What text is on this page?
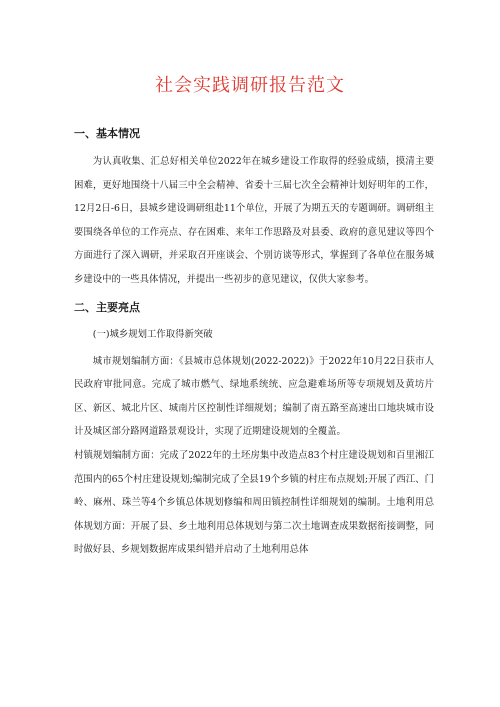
社会实践调研报告范文
一、基本情况

为认真收集、汇总好相关单位2022年在城乡建设工作取得的经验成绩，摸清主要困难，更好地围绕十八届三中全会精神、省委十三届七次全会精神计划好明年的工作，12月2日-6日，县城乡建设调研组赴11个单位，开展了为期五天的专题调研。调研组主要围绕各单位的工作亮点、存在困难、来年工作思路及对县委、政府的意见建议等四个方面进行了深入调研，并采取召开座谈会、个别访谈等形式，掌握到了各单位在服务城乡建设中的一些具体情况，并提出一些初步的意见建议，仅供大家参考。

二、主要亮点
(一)城乡规划工作取得新突破

城市规划编制方面：《县城市总体规划(2022-2022)》于2022年10月22日获市人民政府审批同意。完成了城市燃气、绿地系统统、应急避难场所等专项规划及黄坊片区、新区、城北片区、城南片区控制性详细规划；编制了南五路至高速出口地块城市设计及城区部分路网道路景观设计，实现了近期建设规划的全覆盖。

村镇规划编制方面：完成了2022年的土坯房集中改造点83个村庄建设规划和百里湘江范围内的65个村庄建设规划;编制完成了全县19个乡镇的村庄布点规划;开展了西江、门岭、麻州、珠兰等4个乡镇总体规划修编和周田镇控制性详细规划的编制。土地利用总体规划方面：开展了县、乡土地利用总体规划与第二次土地调查成果数据衔接调整，同时做好县、乡规划数据库成果纠错并启动了土地利用总体
